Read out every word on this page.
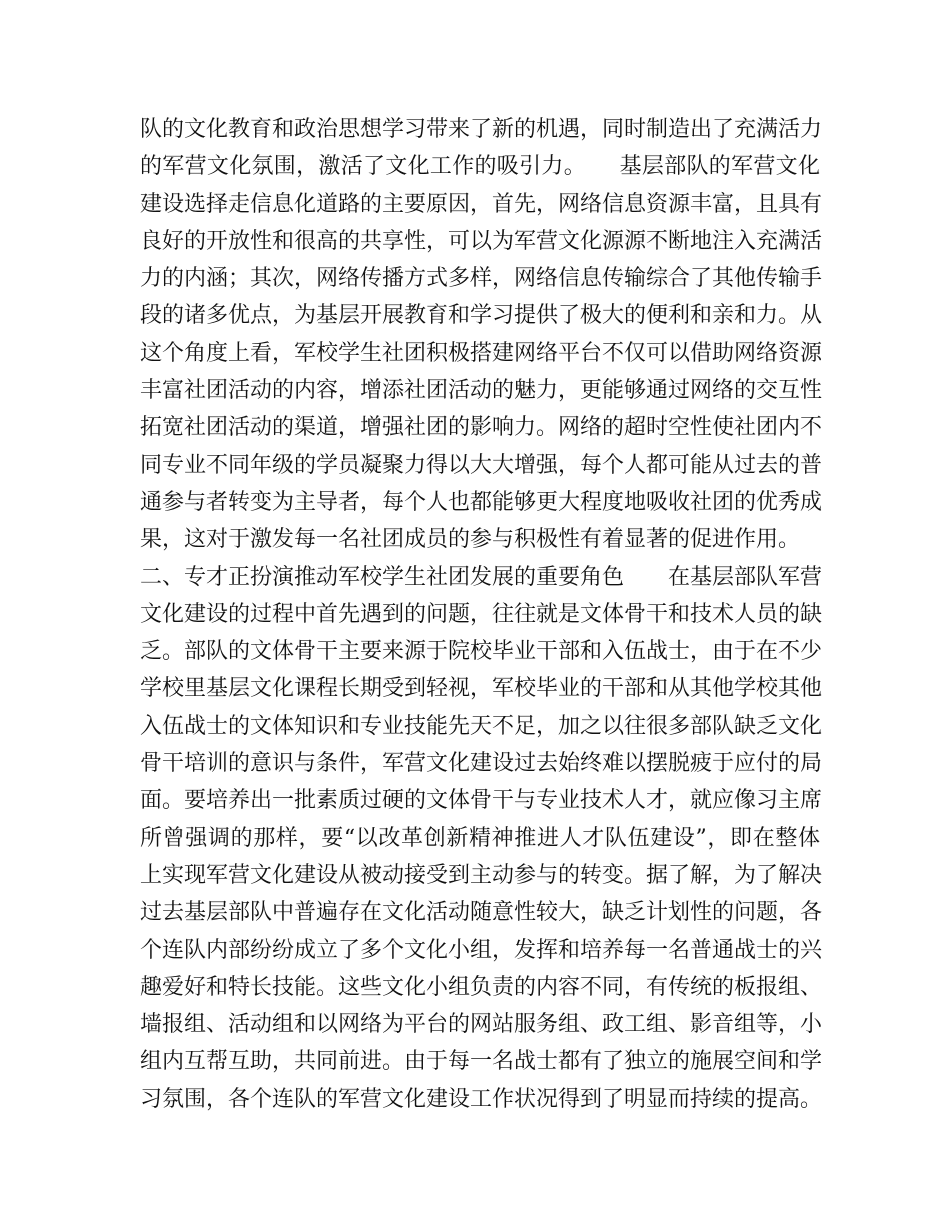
队的文化教育和政治思想学习带来了新的机遇，同时制造出了充满活力
的军营文化氛围，激活了文化工作的吸引力。　　基层部队的军营文化
建设选择走信息化道路的主要原因，首先，网络信息资源丰富，且具有
良好的开放性和很高的共享性，可以为军营文化源源不断地注入充满活
力的内涵；其次，网络传播方式多样，网络信息传输综合了其他传输手
段的诸多优点，为基层开展教育和学习提供了极大的便利和亲和力。从
这个角度上看，军校学生社团积极搭建网络平台不仅可以借助网络资源
丰富社团活动的内容，增添社团活动的魅力，更能够通过网络的交互性
拓宽社团活动的渠道，增强社团的影响力。网络的超时空性使社团内不
同专业不同年级的学员凝聚力得以大大增强，每个人都可能从过去的普
通参与者转变为主导者，每个人也都能够更大程度地吸收社团的优秀成
果，这对于激发每一名社团成员的参与积极性有着显著的促进作用。
二、专才正扮演推动军校学生社团发展的重要角色　　在基层部队军营
文化建设的过程中首先遇到的问题，往往就是文体骨干和技术人员的缺
乏。部队的文体骨干主要来源于院校毕业干部和入伍战士，由于在不少
学校里基层文化课程长期受到轻视，军校毕业的干部和从其他学校其他
入伍战士的文体知识和专业技能先天不足，加之以往很多部队缺乏文化
骨干培训的意识与条件，军营文化建设过去始终难以摆脱疲于应付的局
面。要培养出一批素质过硬的文体骨干与专业技术人才，就应像习主席
所曾强调的那样，要“以改革创新精神推进人才队伍建设”，即在整体
上实现军营文化建设从被动接受到主动参与的转变。据了解，为了解决
过去基层部队中普遍存在文化活动随意性较大，缺乏计划性的问题，各
个连队内部纷纷成立了多个文化小组，发挥和培养每一名普通战士的兴
趣爱好和特长技能。这些文化小组负责的内容不同，有传统的板报组、
墙报组、活动组和以网络为平台的网站服务组、政工组、影音组等，小
组内互帮互助，共同前进。由于每一名战士都有了独立的施展空间和学
习氛围，各个连队的军营文化建设工作状况得到了明显而持续的提高。
